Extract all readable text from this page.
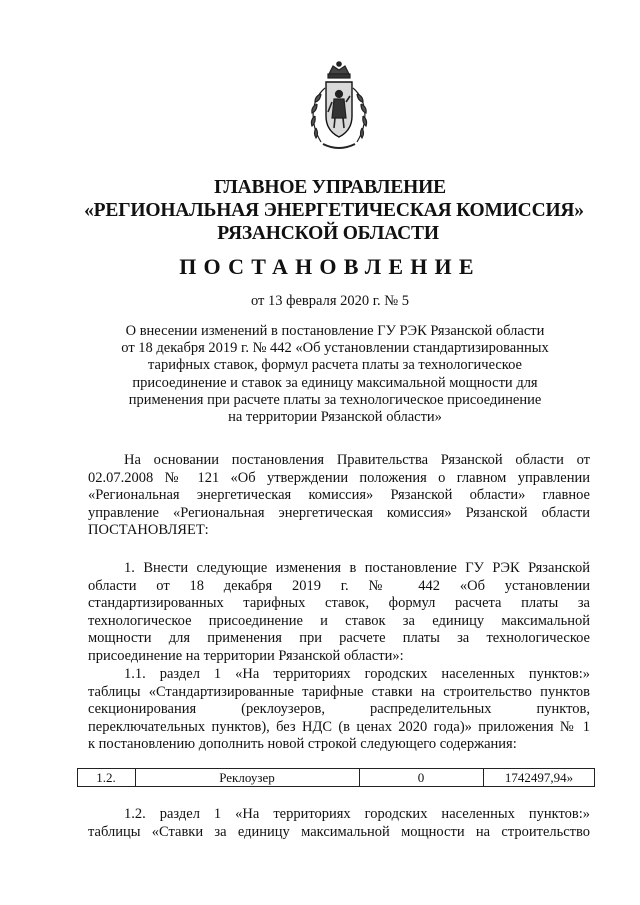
ГЛАВНОЕ УПРАВЛЕНИЕ
«РЕГИОНАЛЬНАЯ ЭНЕРГЕТИЧЕСКАЯ КОМИССИЯ»
РЯЗАНСКОЙ ОБЛАСТИ
ПОСТАНОВЛЕНИЕ
от 13 февраля 2020 г. № 5
О внесении изменений в постановление ГУ РЭК Рязанской области
от 18 декабря 2019 г. № 442 «Об установлении стандартизированных
тарифных ставок, формул расчета платы за технологическое
присоединение и ставок за единицу максимальной мощности для
применения при расчете платы за технологическое присоединение
на территории Рязанской области»
На основании постановления Правительства Рязанской области от
02.07.2008 № 121 «Об утверждении положения о главном управлении
«Региональная энергетическая комиссия» Рязанской области» главное
управление «Региональная энергетическая комиссия» Рязанской области
ПОСТАНОВЛЯЕТ:
1. Внести следующие изменения в постановление ГУ РЭК Рязанской
области от 18 декабря 2019 г. № 442 «Об установлении
стандартизированных тарифных ставок, формул расчета платы за
технологическое присоединение и ставок за единицу максимальной
мощности для применения при расчете платы за технологическое
присоединение на территории Рязанской области»:
1.1. раздел 1 «На территориях городских населенных пунктов:»
таблицы «Стандартизированные тарифные ставки на строительство пунктов
секционирования (реклоузеров, распределительных пунктов,
переключательных пунктов), без НДС (в ценах 2020 года)» приложения № 1
к постановлению дополнить новой строкой следующего содержания:
1.2.	Реклоузер	0	1742497,94»
1.2. раздел 1 «На территориях городских населенных пунктов:»
таблицы «Ставки за единицу максимальной мощности на строительство
